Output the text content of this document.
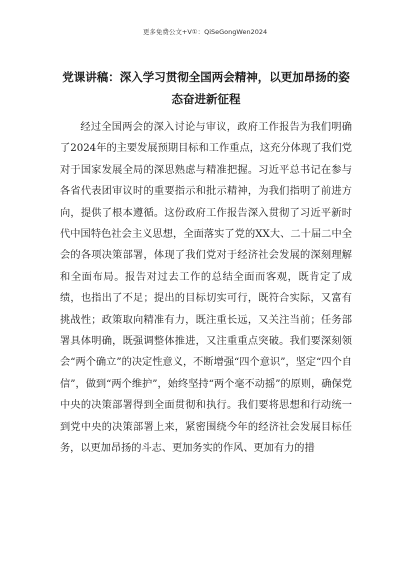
更多免费公文+V①：QiSeGongWen2024
党课讲稿：深入学习贯彻全国两会精神，以更加昂扬的姿态奋进新征程

经过全国两会的深入讨论与审议，政府工作报告为我们明确了2024年的主要发展预期目标和工作重点，这充分体现了我们党对于国家发展全局的深思熟虑与精准把握。习近平总书记在参与各省代表团审议时的重要指示和批示精神，为我们指明了前进方向，提供了根本遵循。这份政府工作报告深入贯彻了习近平新时代中国特色社会主义思想，全面落实了党的XX大、二十届二中全会的各项决策部署，体现了我们党对于经济社会发展的深刻理解和全面布局。报告对过去工作的总结全面而客观，既肯定了成绩，也指出了不足；提出的目标切实可行，既符合实际，又富有挑战性；政策取向精准有力，既注重长远，又关注当前；任务部署具体明确，既强调整体推进，又注重重点突破。我们要深刻领会“两个确立”的决定性意义，不断增强“四个意识”，坚定“四个自信”，做到“两个维护”，始终坚持“两个毫不动摇”的原则，确保党中央的决策部署得到全面贯彻和执行。我们要将思想和行动统一到党中央的决策部署上来，紧密围绕今年的经济社会发展目标任务，以更加昂扬的斗志、更加务实的作风、更加有力的措
